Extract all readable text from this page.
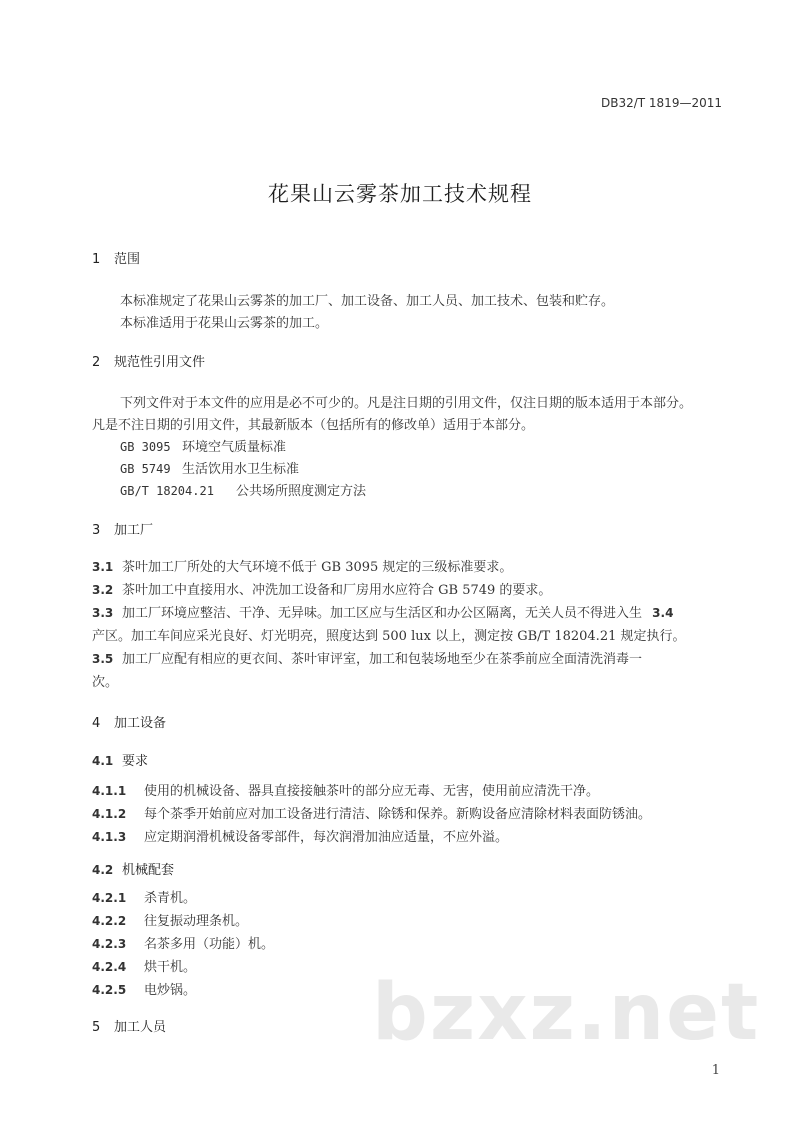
DB32/T 1819—2011
花果山云雾茶加工技术规程
1 范围
本标准规定了花果山云雾茶的加工厂、加工设备、加工人员、加工技术、包装和贮存。
本标准适用于花果山云雾茶的加工。
2 规范性引用文件
下列文件对于本文件的应用是必不可少的。凡是注日期的引用文件，仅注日期的版本适用于本部分。
凡是不注日期的引用文件，其最新版本（包括所有的修改单）适用于本部分。
GB 3095 环境空气质量标准
GB 5749 生活饮用水卫生标准
GB/T 18204.21 公共场所照度测定方法
3 加工厂
3.1 茶叶加工厂所处的大气环境不低于 GB 3095 规定的三级标准要求。
3.2 茶叶加工中直接用水、冲洗加工设备和厂房用水应符合 GB 5749 的要求。
3.3 加工厂环境应整洁、干净、无异味。加工区应与生活区和办公区隔离，无关人员不得进入生 3.4
产区。加工车间应采光良好、灯光明亮，照度达到 500 lux 以上，测定按 GB/T 18204.21 规定执行。
3.5 加工厂应配有相应的更衣间、茶叶审评室，加工和包装场地至少在茶季前应全面清洗消毒一
次。
4 加工设备
4.1 要求
4.1.1 使用的机械设备、器具直接接触茶叶的部分应无毒、无害，使用前应清洗干净。
4.1.2 每个茶季开始前应对加工设备进行清洁、除锈和保养。新购设备应清除材料表面防锈油。
4.1.3 应定期润滑机械设备零部件，每次润滑加油应适量，不应外溢。
4.2 机械配套
4.2.1 杀青机。
4.2.2 往复振动理条机。
4.2.3 名茶多用（功能）机。
4.2.4 烘干机。
4.2.5 电炒锅。
5 加工人员	bzxz.net
1
